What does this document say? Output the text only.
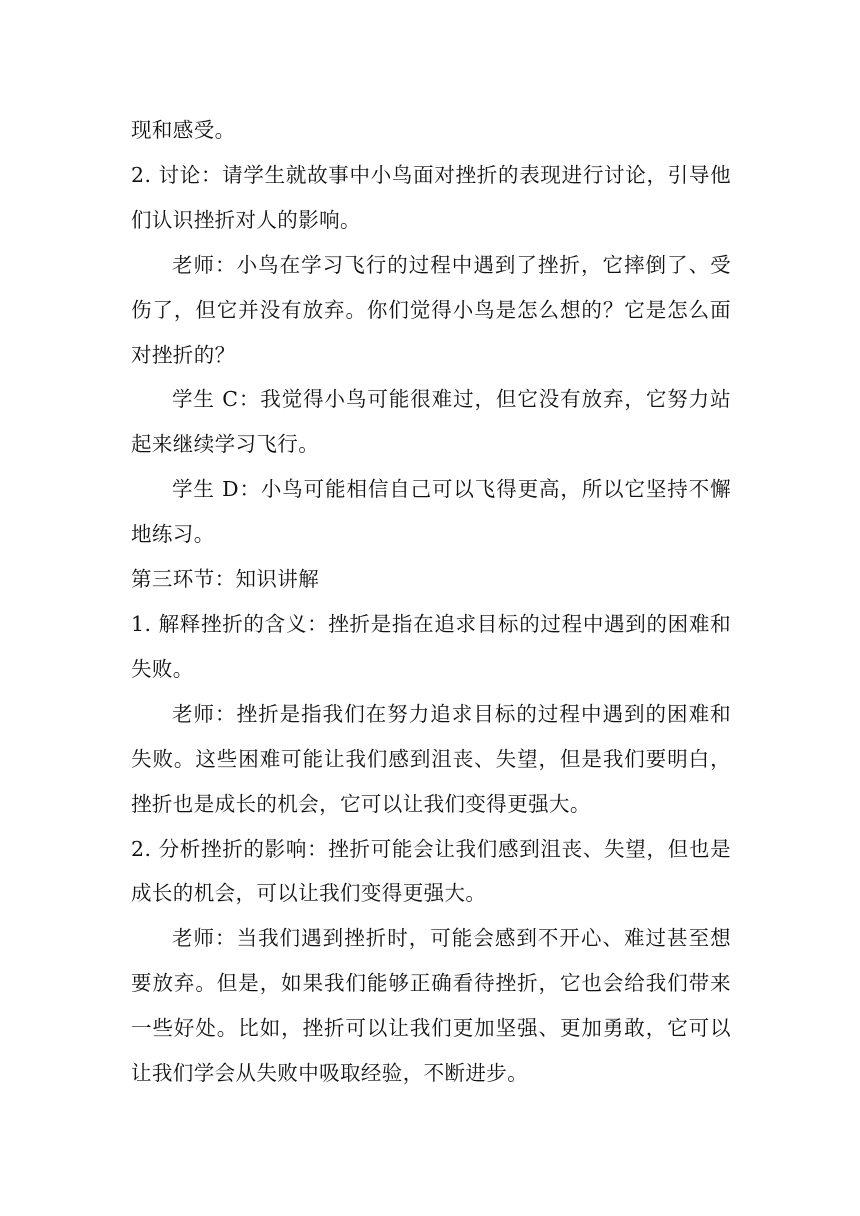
现和感受。

2. 讨论：请学生就故事中小鸟面对挫折的表现进行讨论，引导他们认识挫折对人的影响。

老师：小鸟在学习飞行的过程中遇到了挫折，它摔倒了、受伤了，但它并没有放弃。你们觉得小鸟是怎么想的？它是怎么面对挫折的？

学生 C：我觉得小鸟可能很难过，但它没有放弃，它努力站起来继续学习飞行。

学生 D：小鸟可能相信自己可以飞得更高，所以它坚持不懈地练习。

第三环节：知识讲解

1. 解释挫折的含义：挫折是指在追求目标的过程中遇到的困难和失败。

老师：挫折是指我们在努力追求目标的过程中遇到的困难和失败。这些困难可能让我们感到沮丧、失望，但是我们要明白，挫折也是成长的机会，它可以让我们变得更强大。

2. 分析挫折的影响：挫折可能会让我们感到沮丧、失望，但也是成长的机会，可以让我们变得更强大。

老师：当我们遇到挫折时，可能会感到不开心、难过甚至想要放弃。但是，如果我们能够正确看待挫折，它也会给我们带来一些好处。比如，挫折可以让我们更加坚强、更加勇敢，它可以让我们学会从失败中吸取经验，不断进步。
